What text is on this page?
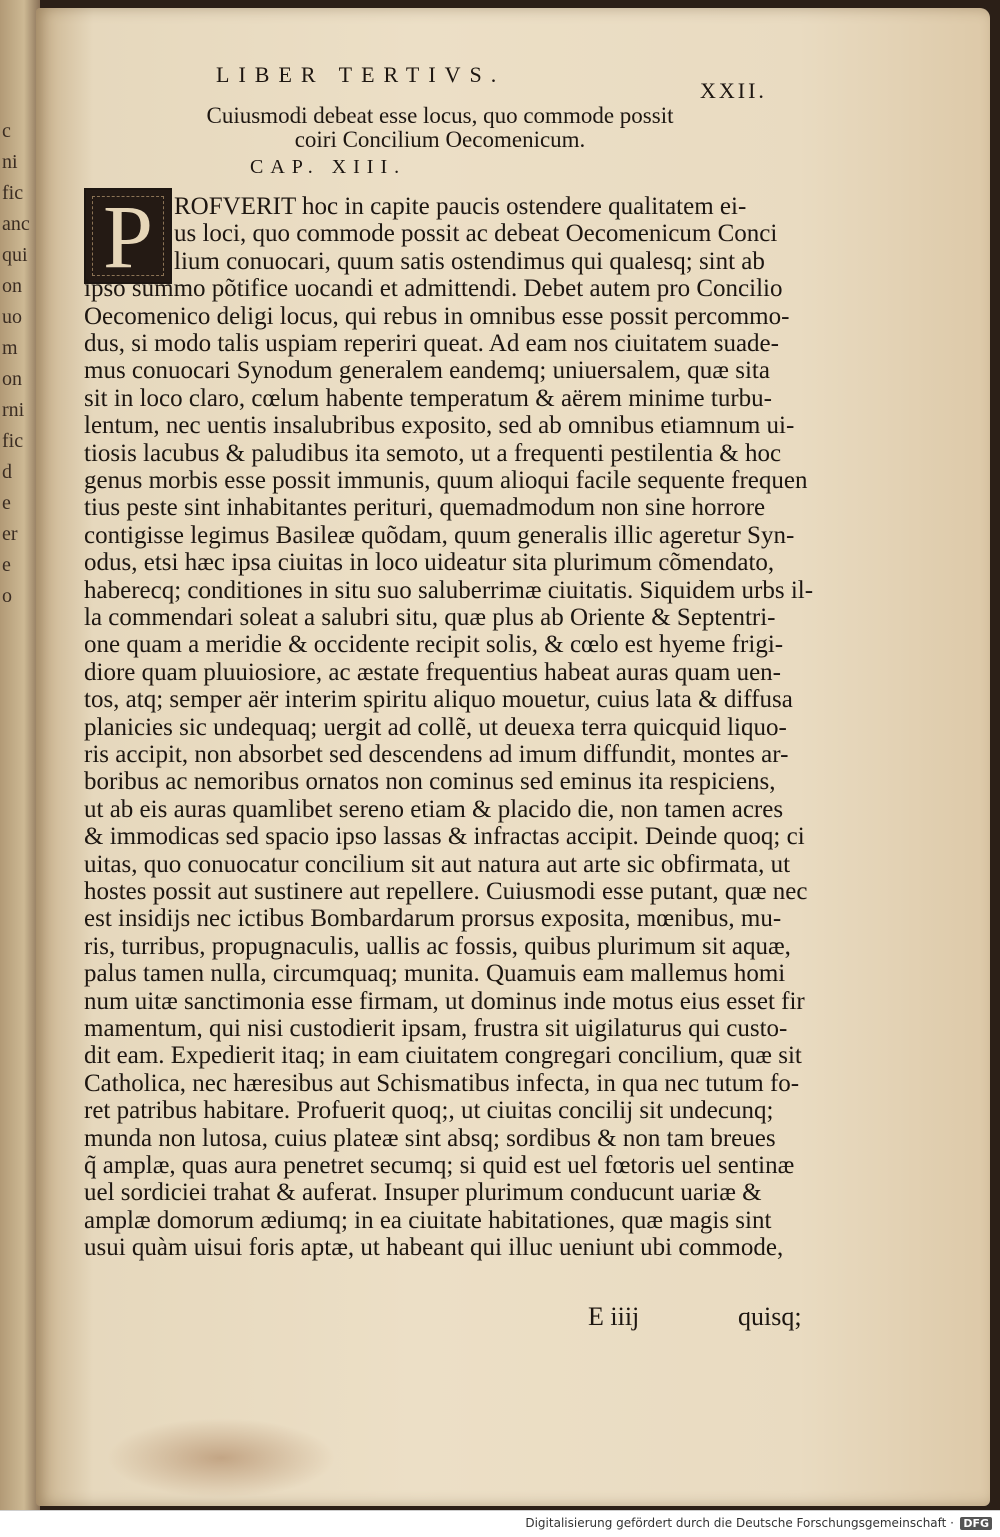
c
ni
fic
anc
qui
on
uo
m
on
rni
fic
d
e
er
e
o
LIBER TERTIVS.
XXII.
Cuiusmodi debeat esse locus, quo commode possit
coiri Concilium Oecomenicum.
CAP. XIII.
P ROFVERIT hoc in capite paucis ostendere qualitatem ei-
us loci, quo commode possit ac debeat Oecomenicum Conci
lium conuocari, quum satis ostendimus qui qualesq; sint ab
ipso summo põtifice uocandi et admittendi. Debet autem pro Concilio
Oecomenico deligi locus, qui rebus in omnibus esse possit percommo-
dus, si modo talis uspiam reperiri queat. Ad eam nos ciuitatem suade-
mus conuocari Synodum generalem eandemq; uniuersalem, quæ sita
sit in loco claro, cœlum habente temperatum & aërem minime turbu-
lentum, nec uentis insalubribus exposito, sed ab omnibus etiamnum ui-
tiosis lacubus & paludibus ita semoto, ut a frequenti pestilentia & hoc
genus morbis esse possit immunis, quum alioqui facile sequente frequen
tius peste sint inhabitantes perituri, quemadmodum non sine horrore
contigisse legimus Basileæ quõdam, quum generalis illic ageretur Syn-
odus, etsi hæc ipsa ciuitas in loco uideatur sita plurimum cõmendato,
haberecq; conditiones in situ suo saluberrimæ ciuitatis. Siquidem urbs il-
la commendari soleat a salubri situ, quæ plus ab Oriente & Septentri-
one quam a meridie & occidente recipit solis, & cœlo est hyeme frigi-
diore quam pluuiosiore, ac æstate frequentius habeat auras quam uen-
tos, atq; semper aër interim spiritu aliquo mouetur, cuius lata & diffusa
planicies sic undequaq; uergit ad collẽ, ut deuexa terra quicquid liquo-
ris accipit, non absorbet sed descendens ad imum diffundit, montes ar-
boribus ac nemoribus ornatos non cominus sed eminus ita respiciens,
ut ab eis auras quamlibet sereno etiam & placido die, non tamen acres
& immodicas sed spacio ipso lassas & infractas accipit. Deinde quoq; ci
uitas, quo conuocatur concilium sit aut natura aut arte sic obfirmata, ut
hostes possit aut sustinere aut repellere. Cuiusmodi esse putant, quæ nec
est insidijs nec ictibus Bombardarum prorsus exposita, mœnibus, mu-
ris, turribus, propugnaculis, uallis ac fossis, quibus plurimum sit aquæ,
palus tamen nulla, circumquaq; munita. Quamuis eam mallemus homi
num uitæ sanctimonia esse firmam, ut dominus inde motus eius esset fir
mamentum, qui nisi custodierit ipsam, frustra sit uigilaturus qui custo-
dit eam. Expedierit itaq; in eam ciuitatem congregari concilium, quæ sit
Catholica, nec hæresibus aut Schismatibus infecta, in qua nec tutum fo-
ret patribus habitare. Profuerit quoq;, ut ciuitas concilij sit undecunq;
munda non lutosa, cuius plateæ sint absq; sordibus & non tam breues
q̃ amplæ, quas aura penetret secumq; si quid est uel fœtoris uel sentinæ
uel sordiciei trahat & auferat. Insuper plurimum conducunt uariæ &
amplæ domorum ædiumq; in ea ciuitate habitationes, quæ magis sint
usui quàm uisui foris aptæ, ut habeant qui illuc ueniunt ubi commode,
E iiij	quisq;
Digitalisierung gefördert durch die Deutsche Forschungsgemeinschaft · DFG
